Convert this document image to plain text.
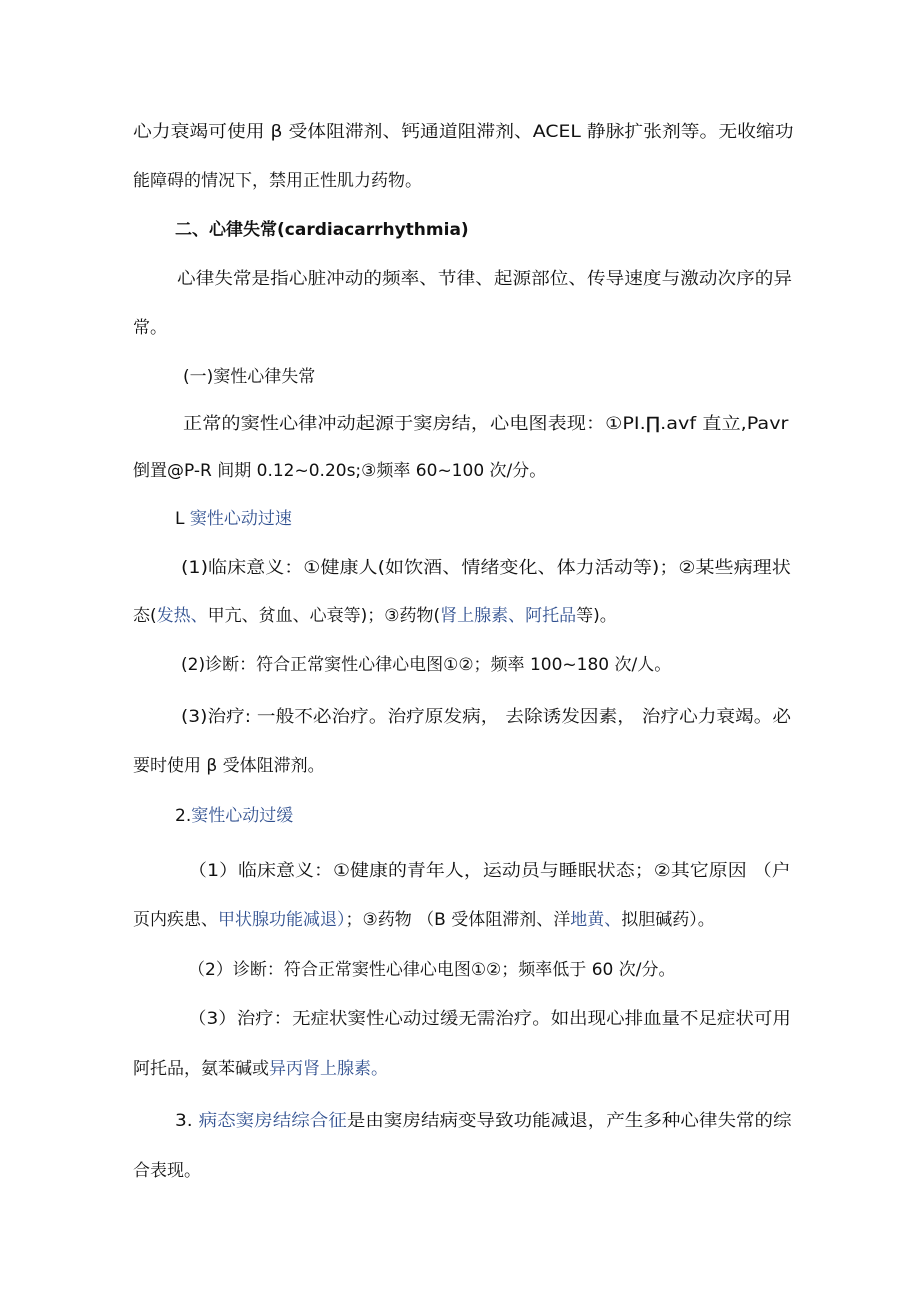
心力衰竭可使用 β 受体阻滞剂、钙通道阻滞剂、ACEL 静脉扩张剂等。无收缩功
能障碍的情况下，禁用正性肌力药物。
二、心律失常(cardiacarrhythmia)
心律失常是指心脏冲动的频率、节律、起源部位、传导速度与激动次序的异
常。
(一)窦性心律失常
正常的窦性心律冲动起源于窦房结，心电图表现：①PI.∏.avf 直立,Pavr
倒置@P-R 间期 0.12~0.20s;③频率 60~100 次/分。
L 窦性心动过速
(1)临床意义：①健康人(如饮酒、情绪变化、体力活动等)；②某些病理状
态(发热、甲亢、贫血、心衰等)；③药物(肾上腺素、阿托品等)。
(2)诊断：符合正常窦性心律心电图①②；频率 100~180 次/人。
(3)治疗: 一般不必治疗。治疗原发病， 去除诱发因素， 治疗心力衰竭。必
要时使用 β 受体阻滞剂。
2.窦性心动过缓
（1）临床意义：①健康的青年人，运动员与睡眠状态；②其它原因 （户
页内疾患、甲状腺功能减退）；③药物 （B 受体阻滞剂、洋地黄、拟胆碱药）。
（2）诊断：符合正常窦性心律心电图①②；频率低于 60 次/分。
（3）治疗：无症状窦性心动过缓无需治疗。如出现心排血量不足症状可用
阿托品，氨苯碱或异丙肾上腺素。
3. 病态窦房结综合征是由窦房结病变导致功能减退，产生多种心律失常的综
合表现。
